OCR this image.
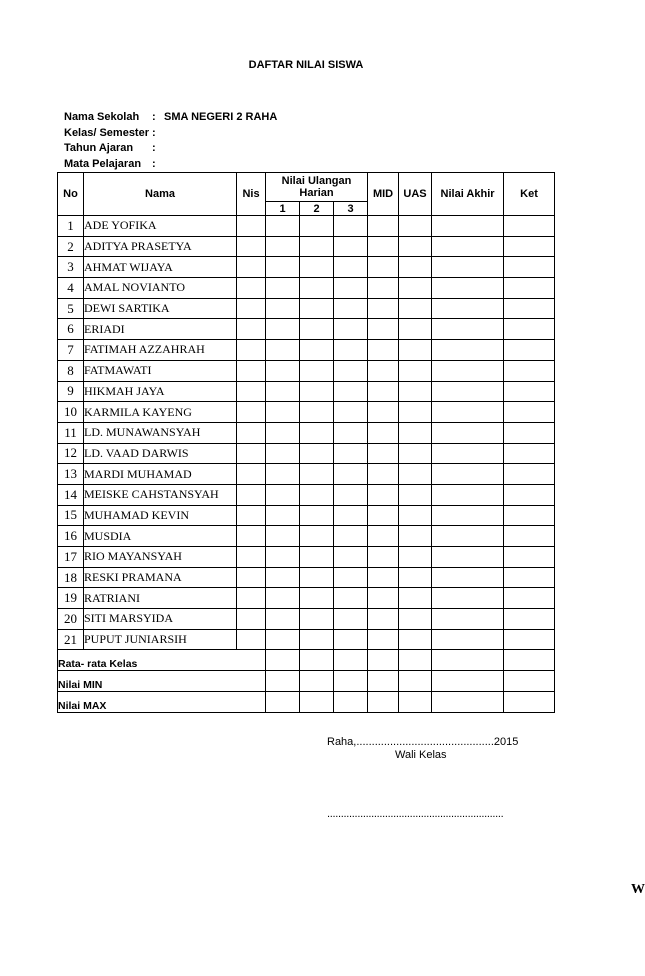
DAFTAR NILAI SISWA
Nama Sekolah	: SMA NEGERI 2 RAHA
Kelas/ Semester :
Tahun Ajaran	:
Mata Pelajaran :
No	Nama	Nis	Nilai Ulangan Harian			MID	UAS	Nilai Akhir	Ket
			1	2	3				
1	ADE YOFIKA								
2	ADITYA PRASETYA								
3	AHMAT WIJAYA								
4	AMAL NOVIANTO								
5	DEWI SARTIKA								
6	ERIADI								
7	FATIMAH AZZAHRAH								
8	FATMAWATI								
9	HIKMAH JAYA								
10	KARMILA KAYENG								
11	LD. MUNAWANSYAH								
12	LD. VAAD DARWIS								
13	MARDI MUHAMAD								
14	MEISKE CAHSTANSYAH								
15	MUHAMAD KEVIN								
16	MUSDIA								
17	RIO MAYANSYAH								
18	RESKI PRAMANA								
19	RATRIANI								
20	SITI MARSYIDA								
21	PUPUT JUNIARSIH								
Rata- rata Kelas									
Nilai MIN									
Nilai MAX									
Raha,.............................................2015
Wali Kelas
................................................................
W
